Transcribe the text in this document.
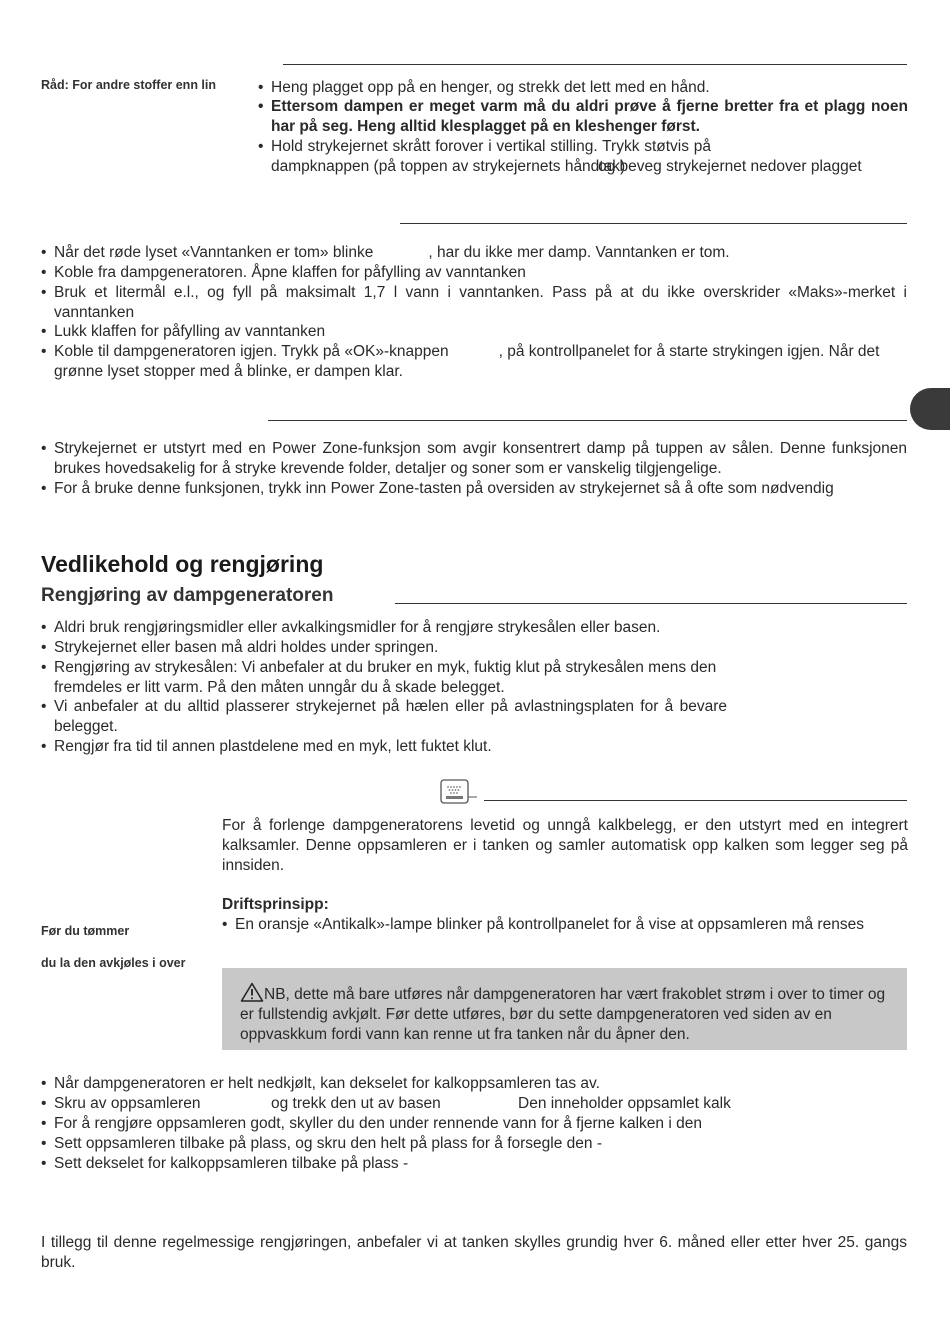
Råd: For andre stoffer enn lin	• Heng plagget opp på en henger, og strekk det lett med en hånd.
• Ettersom dampen er meget varm må du aldri prøve å fjerne bretter fra et plagg noen har på seg. Heng alltid klesplagget på en kleshenger først.
• Hold strykejernet skrått forover i vertikal stilling. Trykk støtvis på dampknappen (på toppen av strykejernets håndtak)
og beveg strykejernet nedover plagget
• Når det røde lyset «Vanntanken er tom» blinke	, har du ikke mer damp. Vanntanken er tom.
• Koble fra dampgeneratoren. Åpne klaffen for påfylling av vanntanken
• Bruk et litermål e.l., og fyll på maksimalt 1,7 l vann i vanntanken. Pass på at du ikke overskrider «Maks»-merket i vanntanken
• Lukk klaffen for påfylling av vanntanken
• Koble til dampgeneratoren igjen. Trykk på «OK»-knappen	, på kontrollpanelet for å starte strykingen igjen. Når det grønne lyset stopper med å blinke, er dampen klar.
• Strykejernet er utstyrt med en Power Zone-funksjon som avgir konsentrert damp på tuppen av sålen. Denne funksjonen brukes hovedsakelig for å stryke krevende folder, detaljer og soner som er vanskelig tilgjengelige.
• For å bruke denne funksjonen, trykk inn Power Zone-tasten på oversiden av strykejernet så å ofte som nødvendig
Vedlikehold og rengjøring
Rengjøring av dampgeneratoren
• Aldri bruk rengjøringsmidler eller avkalkingsmidler for å rengjøre strykesålen eller basen.
• Strykejernet eller basen må aldri holdes under springen.
• Rengjøring av strykesålen: Vi anbefaler at du bruker en myk, fuktig klut på strykesålen mens den fremdeles er litt varm. På den måten unngår du å skade belegget.
• Vi anbefaler at du alltid plasserer strykejernet på hælen eller på avlastningsplaten for å bevare belegget.
• Rengjør fra tid til annen plastdelene med en myk, lett fuktet klut.
For å forlenge dampgeneratorens levetid og unngå kalkbelegg, er den utstyrt med en integrert kalksamler. Denne oppsamleren er i tanken og samler automatisk opp kalken som legger seg på innsiden.
Driftsprinsipp:
• En oransje «Antikalk»-lampe blinker på kontrollpanelet for å vise at oppsamleren må renses
Før du tømmer
du la den avkjøles i over
NB, dette må bare utføres når dampgeneratoren har vært frakoblet strøm i over to timer og er fullstendig avkjølt. Før dette utføres, bør du sette dampgeneratoren ved siden av en oppvaskkum fordi vann kan renne ut fra tanken når du åpner den.
• Når dampgeneratoren er helt nedkjølt, kan dekselet for kalkoppsamleren tas av.
• Skru av oppsamleren	og trekk den ut av basen	Den inneholder oppsamlet kalk
• For å rengjøre oppsamleren godt, skyller du den under rennende vann for å fjerne kalken i den
• Sett oppsamleren tilbake på plass, og skru den helt på plass for å forsegle den -
• Sett dekselet for kalkoppsamleren tilbake på plass -
I tillegg til denne regelmessige rengjøringen, anbefaler vi at tanken skylles grundig hver 6. måned eller etter hver 25. gangs bruk.
